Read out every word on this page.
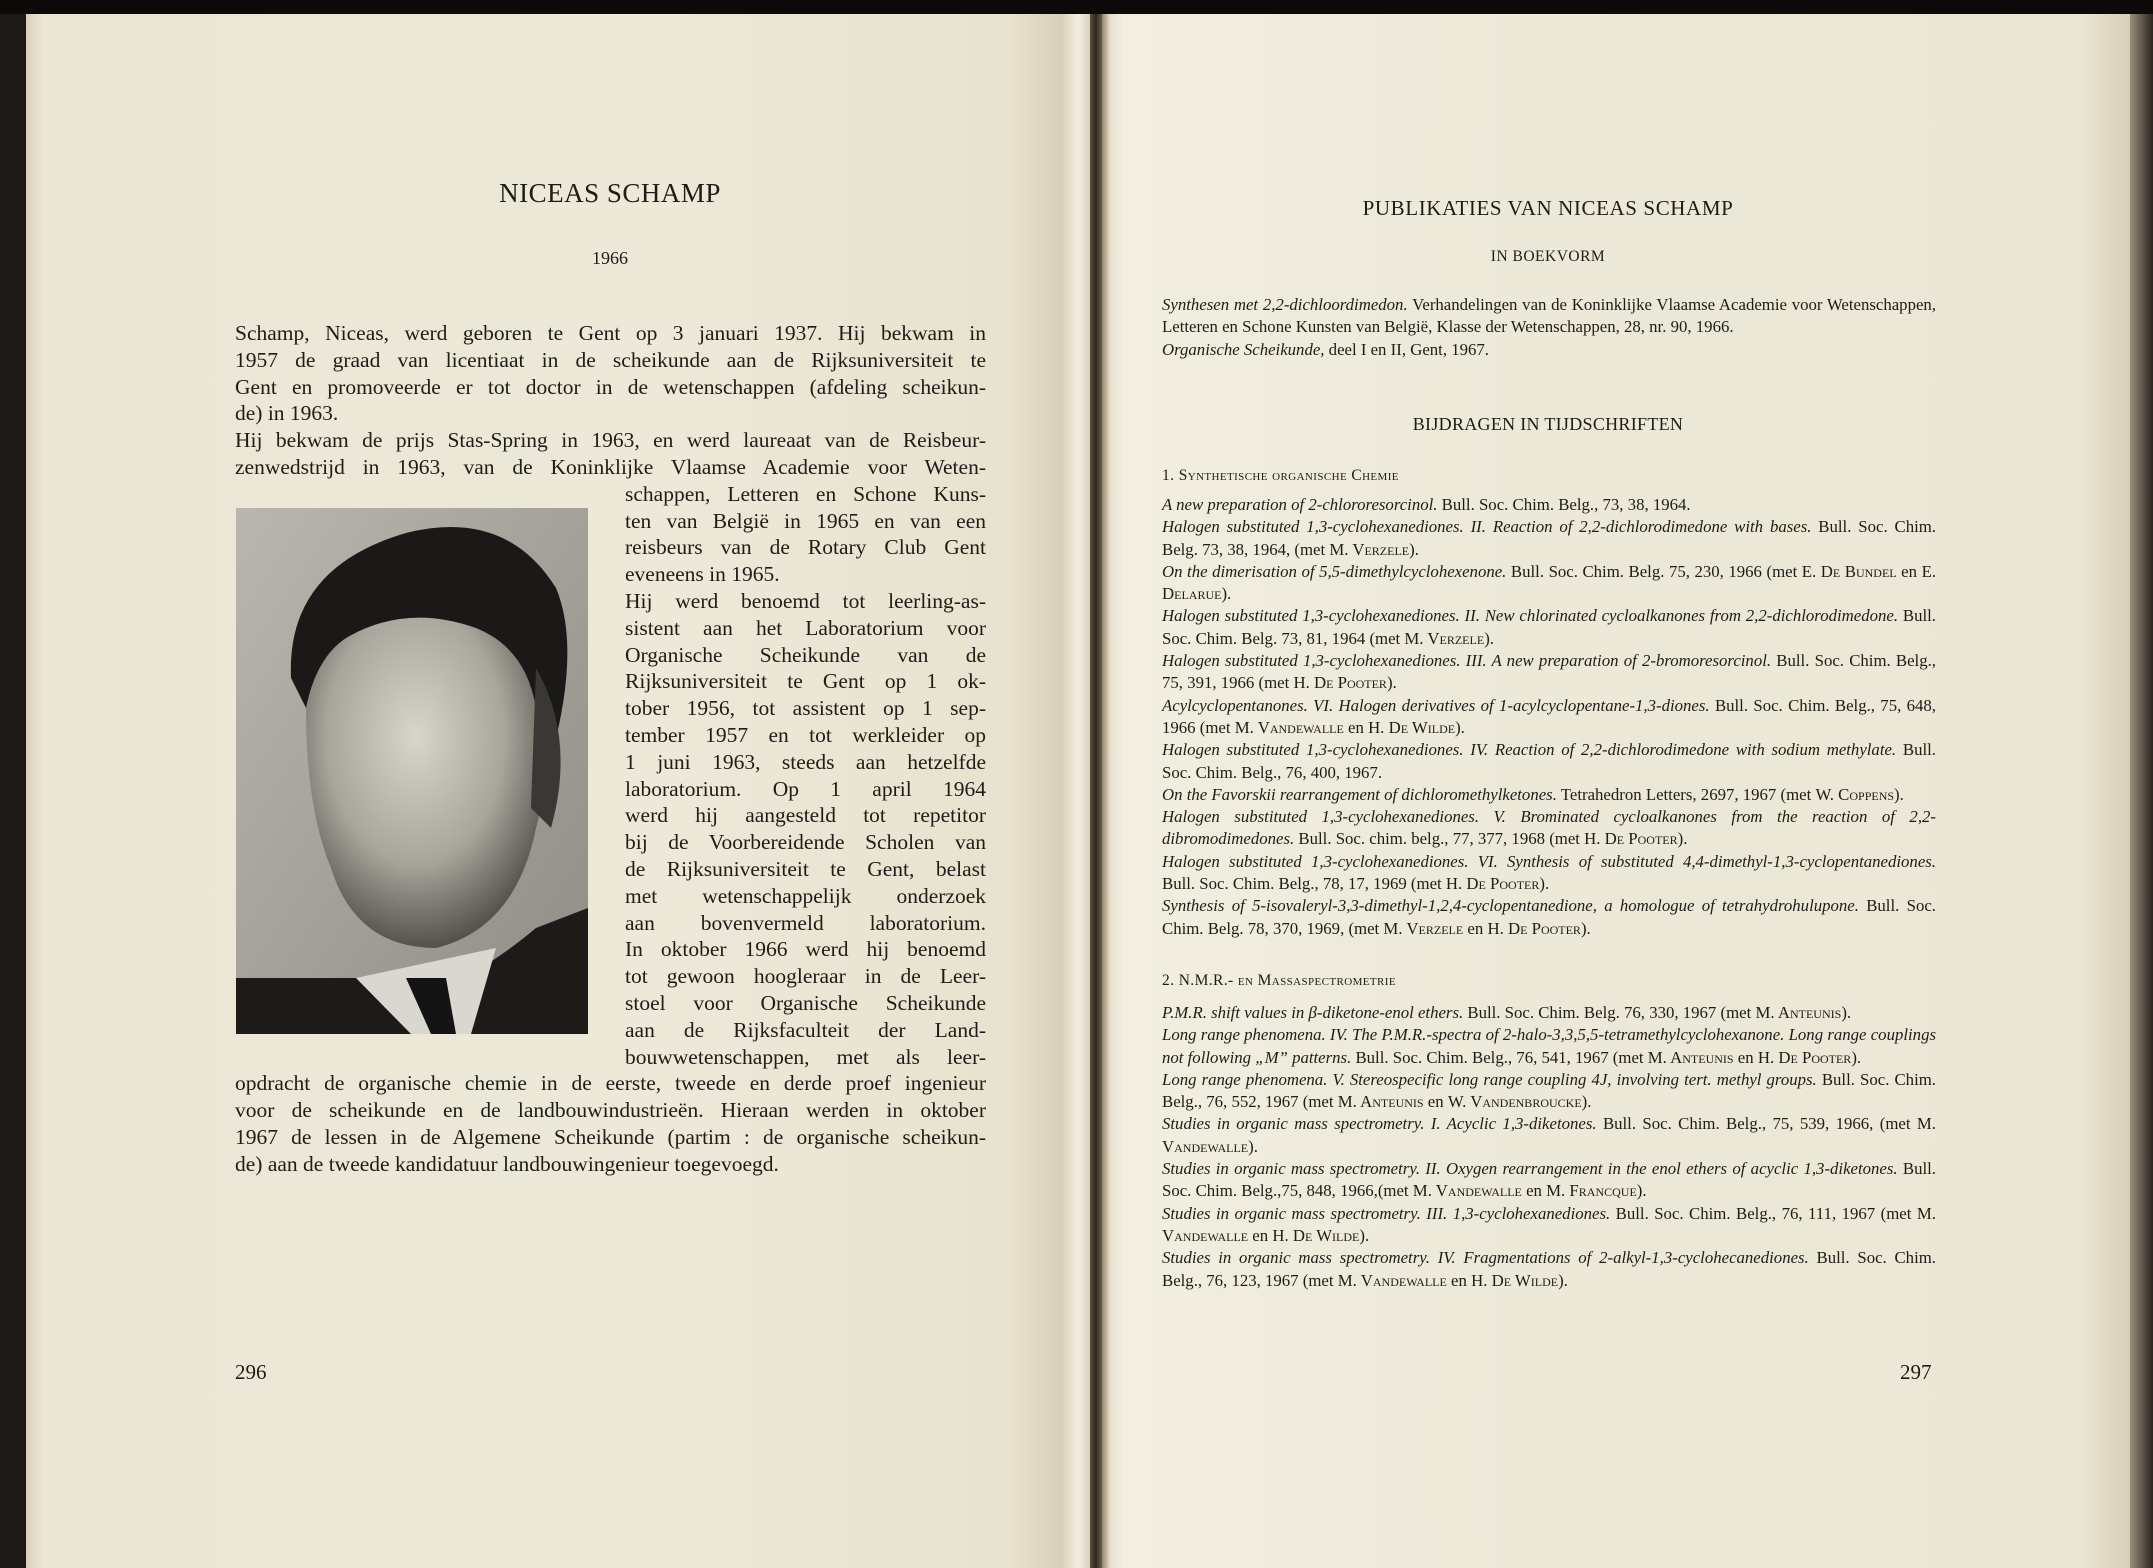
NICEAS SCHAMP
1966
Schamp, Niceas, werd geboren te Gent op 3 januari 1937. Hij bekwam in
1957 de graad van licentiaat in de scheikunde aan de Rijksuniversiteit te
Gent en promoveerde er tot doctor in de wetenschappen (afdeling scheikun-
de) in 1963.
Hij bekwam de prijs Stas-Spring in 1963, en werd laureaat van de Reisbeur-
zenwedstrijd in 1963, van de Koninklijke Vlaamse Academie voor Weten-
schappen, Letteren en Schone Kuns-
ten van België in 1965 en van een
reisbeurs van de Rotary Club Gent
eveneens in 1965.
Hij werd benoemd tot leerling-as-
sistent aan het Laboratorium voor
Organische Scheikunde van de
Rijksuniversiteit te Gent op 1 ok-
tober 1956, tot assistent op 1 sep-
tember 1957 en tot werkleider op
1 juni 1963, steeds aan hetzelfde
laboratorium. Op 1 april 1964
werd hij aangesteld tot repetitor
bij de Voorbereidende Scholen van
de Rijksuniversiteit te Gent, belast
met wetenschappelijk onderzoek
aan bovenvermeld laboratorium.
In oktober 1966 werd hij benoemd
tot gewoon hoogleraar in de Leer-
stoel voor Organische Scheikunde
aan de Rijksfaculteit der Land-
bouwwetenschappen, met als leer-
opdracht de organische chemie in de eerste, tweede en derde proef ingenieur
voor de scheikunde en de landbouwindustrieën. Hieraan werden in oktober
1967 de lessen in de Algemene Scheikunde (partim : de organische scheikun-
de) aan de tweede kandidatuur landbouwingenieur toegevoegd.
296
PUBLIKATIES VAN NICEAS SCHAMP
IN BOEKVORM

Synthesen met 2,2-dichloordimedon. Verhandelingen van de Koninklijke Vlaamse Academie voor Wetenschappen, Letteren en Schone Kunsten van België, Klasse der Wetenschappen, 28, nr. 90, 1966.

Organische Scheikunde, deel I en II, Gent, 1967.

BIJDRAGEN IN TIJDSCHRIFTEN
1. Synthetische organische Chemie

A new preparation of 2-chlororesorcinol. Bull. Soc. Chim. Belg., 73, 38, 1964.

Halogen substituted 1,3-cyclohexanediones. II. Reaction of 2,2-dichlorodimedone with bases. Bull. Soc. Chim. Belg. 73, 38, 1964, (met M. Verzele).

On the dimerisation of 5,5-dimethylcyclohexenone. Bull. Soc. Chim. Belg. 75, 230, 1966 (met E. De Bundel en E. Delarue).

Halogen substituted 1,3-cyclohexanediones. II. New chlorinated cycloalkanones from 2,2-dichlorodimedone. Bull. Soc. Chim. Belg. 73, 81, 1964 (met M. Verzele).

Halogen substituted 1,3-cyclohexanediones. III. A new preparation of 2-bromoresorcinol. Bull. Soc. Chim. Belg., 75, 391, 1966 (met H. De Pooter).

Acylcyclopentanones. VI. Halogen derivatives of 1-acylcyclopentane-1,3-diones. Bull. Soc. Chim. Belg., 75, 648, 1966 (met M. Vandewalle en H. De Wilde).

Halogen substituted 1,3-cyclohexanediones. IV. Reaction of 2,2-dichlorodimedone with sodium methylate. Bull. Soc. Chim. Belg., 76, 400, 1967.

On the Favorskii rearrangement of dichloromethylketones. Tetrahedron Letters, 2697, 1967 (met W. Coppens).

Halogen substituted 1,3-cyclohexanediones. V. Brominated cycloalkanones from the reaction of 2,2-dibromodimedones. Bull. Soc. chim. belg., 77, 377, 1968 (met H. De Pooter).

Halogen substituted 1,3-cyclohexanediones. VI. Synthesis of substituted 4,4-dimethyl-1,3-cyclopentanediones. Bull. Soc. Chim. Belg., 78, 17, 1969 (met H. De Pooter).

Synthesis of 5-isovaleryl-3,3-dimethyl-1,2,4-cyclopentanedione, a homologue of tetrahydrohulupone. Bull. Soc. Chim. Belg. 78, 370, 1969, (met M. Verzele en H. De Pooter).

2. N.M.R.- en Massaspectrometrie

P.M.R. shift values in β-diketone-enol ethers. Bull. Soc. Chim. Belg. 76, 330, 1967 (met M. Anteunis).

Long range phenomena. IV. The P.M.R.-spectra of 2-halo-3,3,5,5-tetramethylcyclohexanone. Long range couplings not following „M” patterns. Bull. Soc. Chim. Belg., 76, 541, 1967 (met M. Anteunis en H. De Pooter).

Long range phenomena. V. Stereospecific long range coupling 4J, involving tert. methyl groups. Bull. Soc. Chim. Belg., 76, 552, 1967 (met M. Anteunis en W. Vandenbroucke).

Studies in organic mass spectrometry. I. Acyclic 1,3-diketones. Bull. Soc. Chim. Belg., 75, 539, 1966, (met M. Vandewalle).

Studies in organic mass spectrometry. II. Oxygen rearrangement in the enol ethers of acyclic 1,3-diketones. Bull. Soc. Chim. Belg.,75, 848, 1966,(met M. Vandewalle en M. Francque).

Studies in organic mass spectrometry. III. 1,3-cyclohexanediones. Bull. Soc. Chim. Belg., 76, 111, 1967 (met M. Vandewalle en H. De Wilde).

Studies in organic mass spectrometry. IV. Fragmentations of 2-alkyl-1,3-cyclohecanediones. Bull. Soc. Chim. Belg., 76, 123, 1967 (met M. Vandewalle en H. De Wilde).

297
